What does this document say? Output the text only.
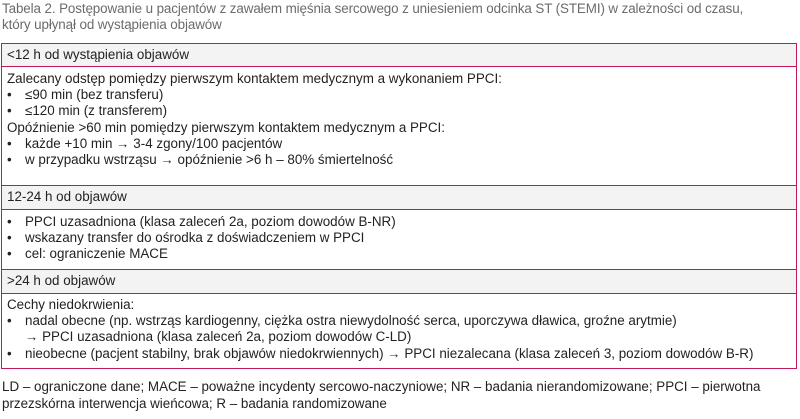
Tabela 2. Postępowanie u pacjentów z zawałem mięśnia sercowego z uniesieniem odcinka ST (STEMI) w zależności od czasu,
który upłynął od wystąpienia objawów
<12 h od wystąpienia objawów
Zalecany odstęp pomiędzy pierwszym kontaktem medycznym a wykonaniem PPCI:
• ≤90 min (bez transferu)
• ≤120 min (z transferem)
Opóźnienie >60 min pomiędzy pierwszym kontaktem medycznym a PPCI:
• każde +10 min → 3-4 zgony/100 pacjentów
• w przypadku wstrząsu → opóźnienie >6 h – 80% śmiertelność
12-24 h od objawów
• PPCI uzasadniona (klasa zaleceń 2a, poziom dowodów B-NR)
• wskazany transfer do ośrodka z doświadczeniem w PPCI
• cel: ograniczenie MACE
>24 h od objawów
Cechy niedokrwienia:
• nadal obecne (np. wstrząs kardiogenny, ciężka ostra niewydolność serca, uporczywa dławica, groźne arytmie)
→ PPCI uzasadniona (klasa zaleceń 2a, poziom dowodów C-LD)
• nieobecne (pacjent stabilny, brak objawów niedokrwiennych) → PPCI niezalecana (klasa zaleceń 3, poziom dowodów B-R)
LD – ograniczone dane; MACE – poważne incydenty sercowo-naczyniowe; NR – badania nierandomizowane; PPCI – pierwotna
przezskórna interwencja wieńcowa; R – badania randomizowane
